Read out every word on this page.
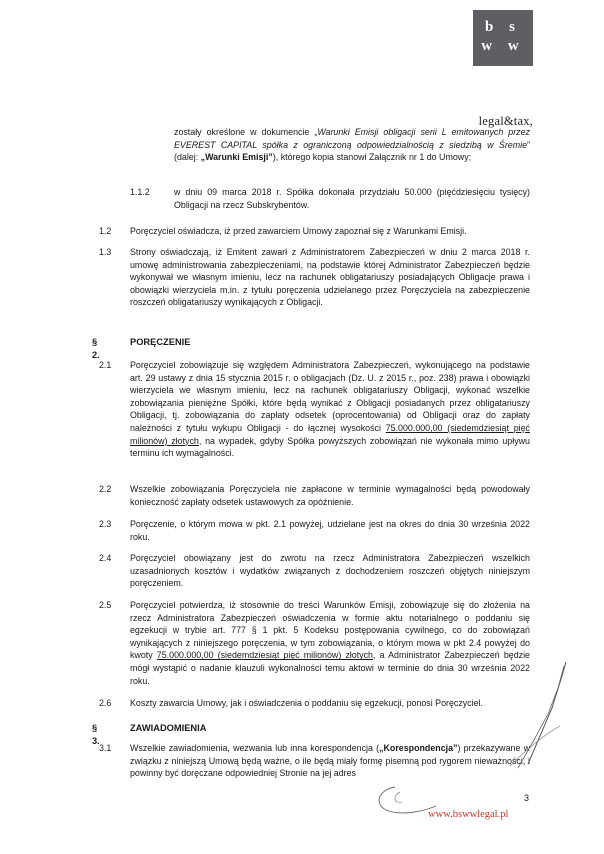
b s
w w
legal&tax,
zostały określone w dokumencie „Warunki Emisji obligacji serii L emitowanych przez EVEREST CAPITAL spółka z ograniczoną odpowiedzialnością z siedzibą w Śremie” (dalej: „Warunki Emisji”), którego kopia stanowi Załącznik nr 1 do Umowy;
1.1.2	w dniu 09 marca 2018 r. Spółka dokonała przydziału 50.000 (pięćdziesięciu tysięcy) Obligacji na rzecz Subskrybentów.
1.2 Poręczyciel oświadcza, iż przed zawarciem Umowy zapoznał się z Warunkami Emisji.
1.3 Strony oświadczają, iż Emitent zawarł z Administratorem Zabezpieczeń w dniu 2 marca 2018 r. umowę administrowania zabezpieczeniami, na podstawie której Administrator Zabezpieczeń będzie wykonywał we własnym imieniu, lecz na rachunek obligatariuszy posiadających Obligacje prawa i obowiązki wierzyciela m.in. z tytułu poręczenia udzielanego przez Poręczyciela na zabezpieczenie roszczeń obligatariuszy wynikających z Obligacji.
§ 2.
PORĘCZENIE
2.1 Poręczyciel zobowiązuje się względem Administratora Zabezpieczeń, wykonującego na podstawie art. 29 ustawy z dnia 15 stycznia 2015 r. o obligacjach (Dz. U. z 2015 r., poz. 238) prawa i obowiązki wierzyciela we własnym imieniu, lecz na rachunek obligatariuszy Obligacji, wykonać wszelkie zobowiązania pieniężne Spółki, które będą wynikać z Obligacji posiadanych przez obligatariuszy Obligacji, tj. zobowiązania do zapłaty odsetek (oprocentowania) od Obligacji oraz do zapłaty należności z tytułu wykupu Obligacji - do łącznej wysokości 75.000.000,00 (siedemdziesiąt pięć milionów) złotych, na wypadek, gdyby Spółka powyższych zobowiązań nie wykonała mimo upływu terminu ich wymagalności.
2.2 Wszelkie zobowiązania Poręczyciela nie zapłacone w terminie wymagalności będą powodowały konieczność zapłaty odsetek ustawowych za opóźnienie.
2.3 Poręczenie, o którym mowa w pkt. 2.1 powyżej, udzielane jest na okres do dnia 30 września 2022 roku.
2.4 Poręczyciel obowiązany jest do zwrotu na rzecz Administratora Zabezpieczeń wszelkich uzasadnionych kosztów i wydatków związanych z dochodzeniem roszczeń objętych niniejszym poręczeniem.
2.5 Poręczyciel potwierdza, iż stosownie do treści Warunków Emisji, zobowiązuje się do złożenia na rzecz Administratora Zabezpieczeń oświadczenia w formie aktu notarialnego o poddaniu się egzekucji w trybie art. 777 § 1 pkt. 5 Kodeksu postępowania cywilnego, co do zobowiązań wynikających z niniejszego poręczenia, w tym zobowiązania, o którym mowa w pkt 2.4 powyżej do kwoty 75.000.000,00 (siedemdziesiąt pięć milionów) złotych, a Administrator Zabezpieczeń będzie mógł wystąpić o nadanie klauzuli wykonalności temu aktowi w terminie do dnia 30 września 2022 roku.
2.6 Koszty zawarcia Umowy, jak i oświadczenia o poddaniu się egzekucji, ponosi Poręczyciel.
§ 3.
ZAWIADOMIENIA
3.1 Wszelkie zawiadomienia, wezwania lub inna korespondencja („Korespondencja”) przekazywane w związku z niniejszą Umową będą ważne, o ile będą miały formę pisemną pod rygorem nieważności, i powinny być doręczane odpowiedniej Stronie na jej adres
3
www.bswwlegal.pl
